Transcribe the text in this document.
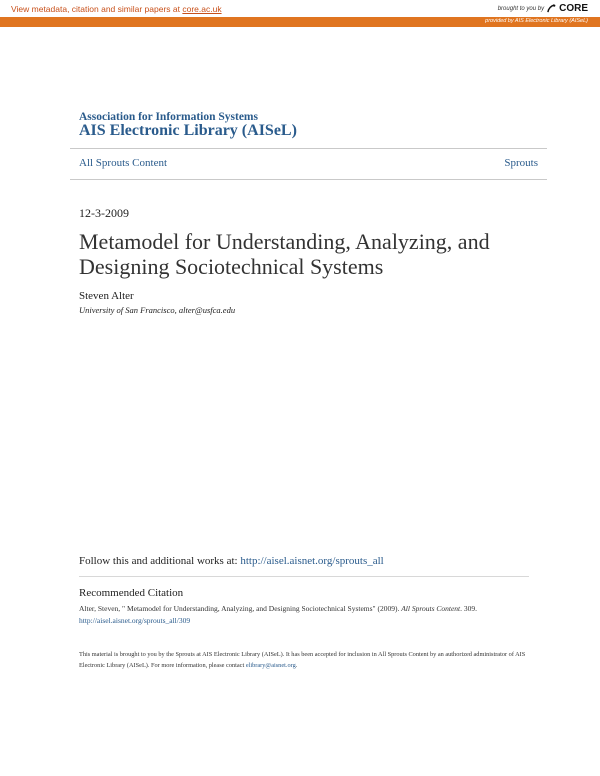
View metadata, citation and similar papers at core.ac.uk	brought to you by CORE
provided by AIS Electronic Library (AISeL)
Association for Information Systems
AIS Electronic Library (AISeL)
All Sprouts Content	Sprouts
12-3-2009
Metamodel for Understanding, Analyzing, and Designing Sociotechnical Systems
Steven Alter
University of San Francisco, alter@usfca.edu
Follow this and additional works at: http://aisel.aisnet.org/sprouts_all
Recommended Citation
Alter, Steven, " Metamodel for Understanding, Analyzing, and Designing Sociotechnical Systems" (2009). All Sprouts Content. 309.
http://aisel.aisnet.org/sprouts_all/309
This material is brought to you by the Sprouts at AIS Electronic Library (AISeL). It has been accepted for inclusion in All Sprouts Content by an authorized administrator of AIS Electronic Library (AISeL). For more information, please contact elibrary@aisnet.org.
